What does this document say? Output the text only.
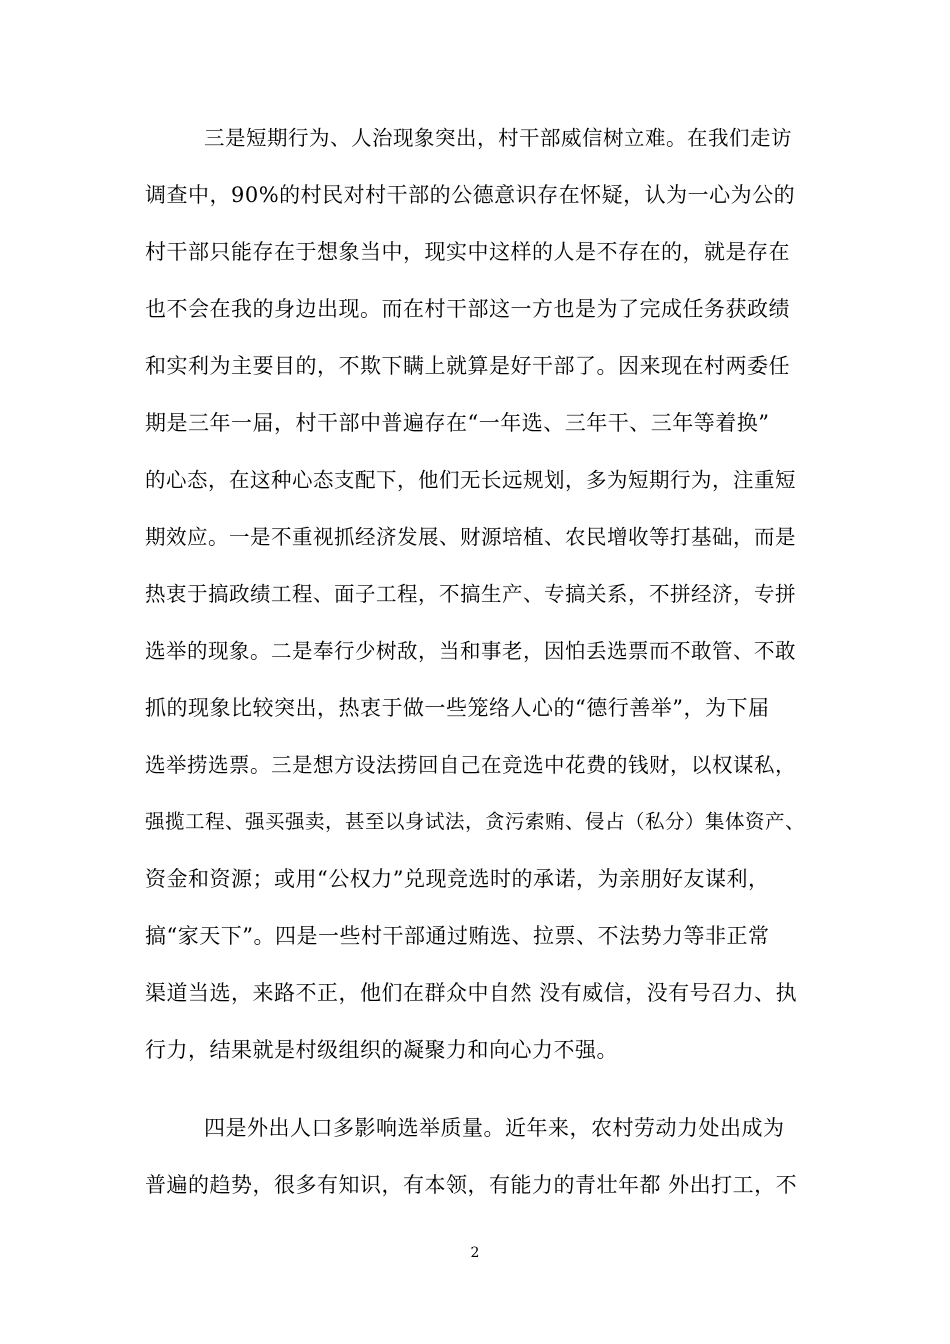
三是短期行为、人治现象突出，村干部威信树立难。在我们走访
调查中，90%的村民对村干部的公德意识存在怀疑，认为一心为公的
村干部只能存在于想象当中，现实中这样的人是不存在的，就是存在
也不会在我的身边出现。而在村干部这一方也是为了完成任务获政绩
和实利为主要目的，不欺下瞒上就算是好干部了。因来现在村两委任
期是三年一届，村干部中普遍存在“一年选、三年干、三年等着换”
的心态，在这种心态支配下，他们无长远规划，多为短期行为，注重短
期效应。一是不重视抓经济发展、财源培植、农民增收等打基础，而是
热衷于搞政绩工程、面子工程，不搞生产、专搞关系，不拼经济，专拼
选举的现象。二是奉行少树敌，当和事老，因怕丢选票而不敢管、不敢
抓的现象比较突出，热衷于做一些笼络人心的“德行善举”，为下届
选举捞选票。三是想方设法捞回自己在竞选中花费的钱财，以权谋私，
强揽工程、强买强卖，甚至以身试法，贪污索贿、侵占（私分）集体资产、
资金和资源；或用“公权力”兑现竞选时的承诺，为亲朋好友谋利，
搞“家天下”。四是一些村干部通过贿选、拉票、不法势力等非正常
渠道当选，来路不正，他们在群众中自然 没有威信，没有号召力、执
行力，结果就是村级组织的凝聚力和向心力不强。
四是外出人口多影响选举质量。近年来，农村劳动力处出成为
普遍的趋势，很多有知识，有本领，有能力的青壮年都 外出打工，不
2
